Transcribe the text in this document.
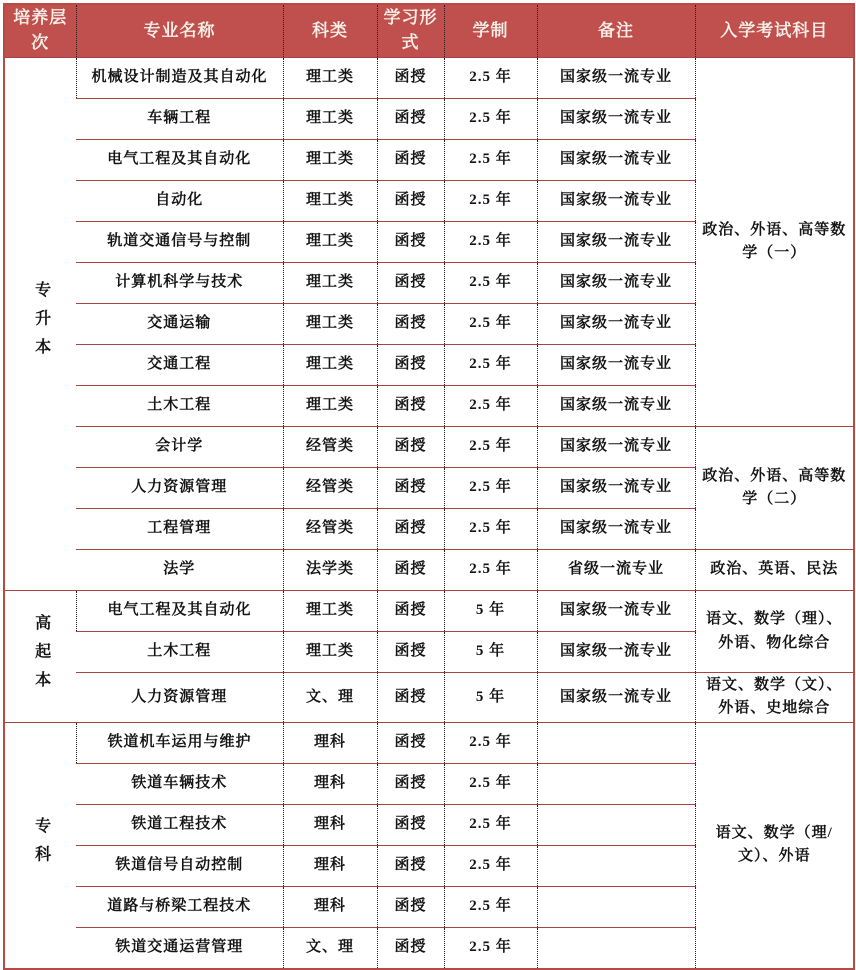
培养层次	专业名称	科类	学习形式	学制	备注	入学考试科目

专升本	机械设计制造及其自动化	理工类	函授	2.5 年	国家级一流专业	政治、外语、高等数学（一）
	车辆工程	理工类	函授	2.5 年	国家级一流专业	
	电气工程及其自动化	理工类	函授	2.5 年	国家级一流专业	
	自动化	理工类	函授	2.5 年	国家级一流专业	
	轨道交通信号与控制	理工类	函授	2.5 年	国家级一流专业	
	计算机科学与技术	理工类	函授	2.5 年	国家级一流专业	
	交通运输	理工类	函授	2.5 年	国家级一流专业	
	交通工程	理工类	函授	2.5 年	国家级一流专业	
	土木工程	理工类	函授	2.5 年	国家级一流专业	
	会计学	经管类	函授	2.5 年	国家级一流专业	政治、外语、高等数学（二）
	人力资源管理	经管类	函授	2.5 年	国家级一流专业	
	工程管理	经管类	函授	2.5 年	国家级一流专业	
	法学	法学类	函授	2.5 年	省级一流专业	政治、英语、民法

高起本	电气工程及其自动化	理工类	函授	5 年	国家级一流专业	语文、数学（理）、外语、物化综合
	土木工程	理工类	函授	5 年	国家级一流专业	
	人力资源管理	文、理	函授	5 年	国家级一流专业	语文、数学（文）、外语、史地综合

专科	铁道机车运用与维护	理科	函授	2.5 年		语文、数学（理/文）、外语
	铁道车辆技术	理科	函授	2.5 年		
	铁道工程技术	理科	函授	2.5 年		
	铁道信号自动控制	理科	函授	2.5 年		
	道路与桥梁工程技术	理科	函授	2.5 年		
	铁道交通运营管理	文、理	函授	2.5 年		
